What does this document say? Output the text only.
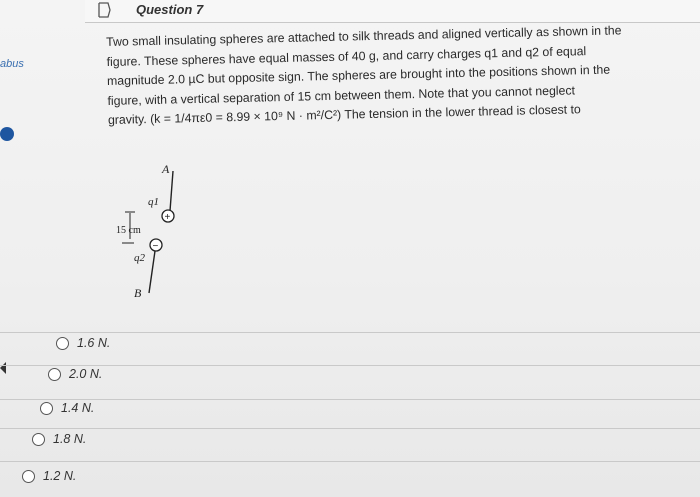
abus
Question 7

Two small insulating spheres are attached to silk threads and aligned vertically as shown in the

figure. These spheres have equal masses of 40 g, and carry charges q1 and q2 of equal

magnitude 2.0 µC but opposite sign. The spheres are brought into the positions shown in the

figure, with a vertical separation of 15 cm between them. Note that you cannot neglect

gravity. (k = 1/4πε0 = 8.99 × 10⁹ N · m²/C²) The tension in the lower thread is closest to

A
q1
+
15 cm
−
q2
B
1.6 N.
2.0 N.
1.4 N.
1.8 N.
1.2 N.
